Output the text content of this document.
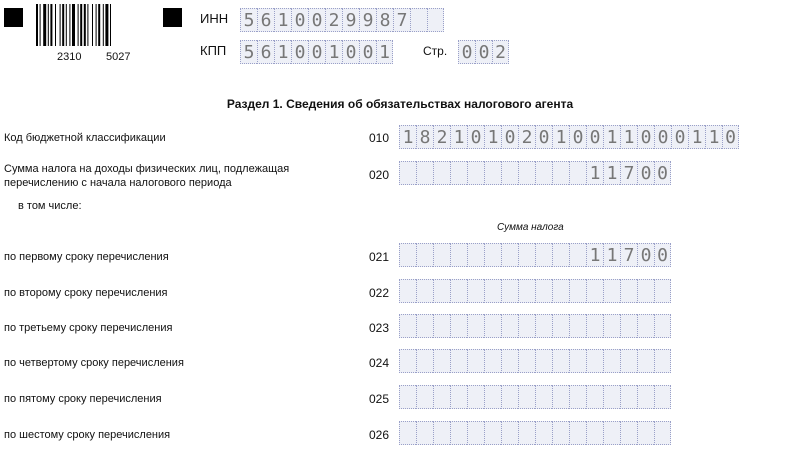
2310 5027
ИНН 5 6 1 0 0 2 9 9 8 7
КПП 5 6 1 0 0 1 0 0 1	Стр. 0 0 2
Раздел 1. Сведения об обязательствах налогового агента
Код бюджетной классификации	010 1 8 2 1 0 1 0 2 0 1 0 0 1 1 0 0 0 1 1 0
Сумма налога на доходы физических лиц, подлежащая
перечислению с начала налогового периода
020	1 1 7 0 0
в том числе:
Сумма налога
по первому сроку перечисления	021	1 1 7 0 0
по второму сроку перечисления	022
по третьему сроку перечисления	023
по четвертому сроку перечисления	024
по пятому сроку перечисления	025
по шестому сроку перечисления	026
